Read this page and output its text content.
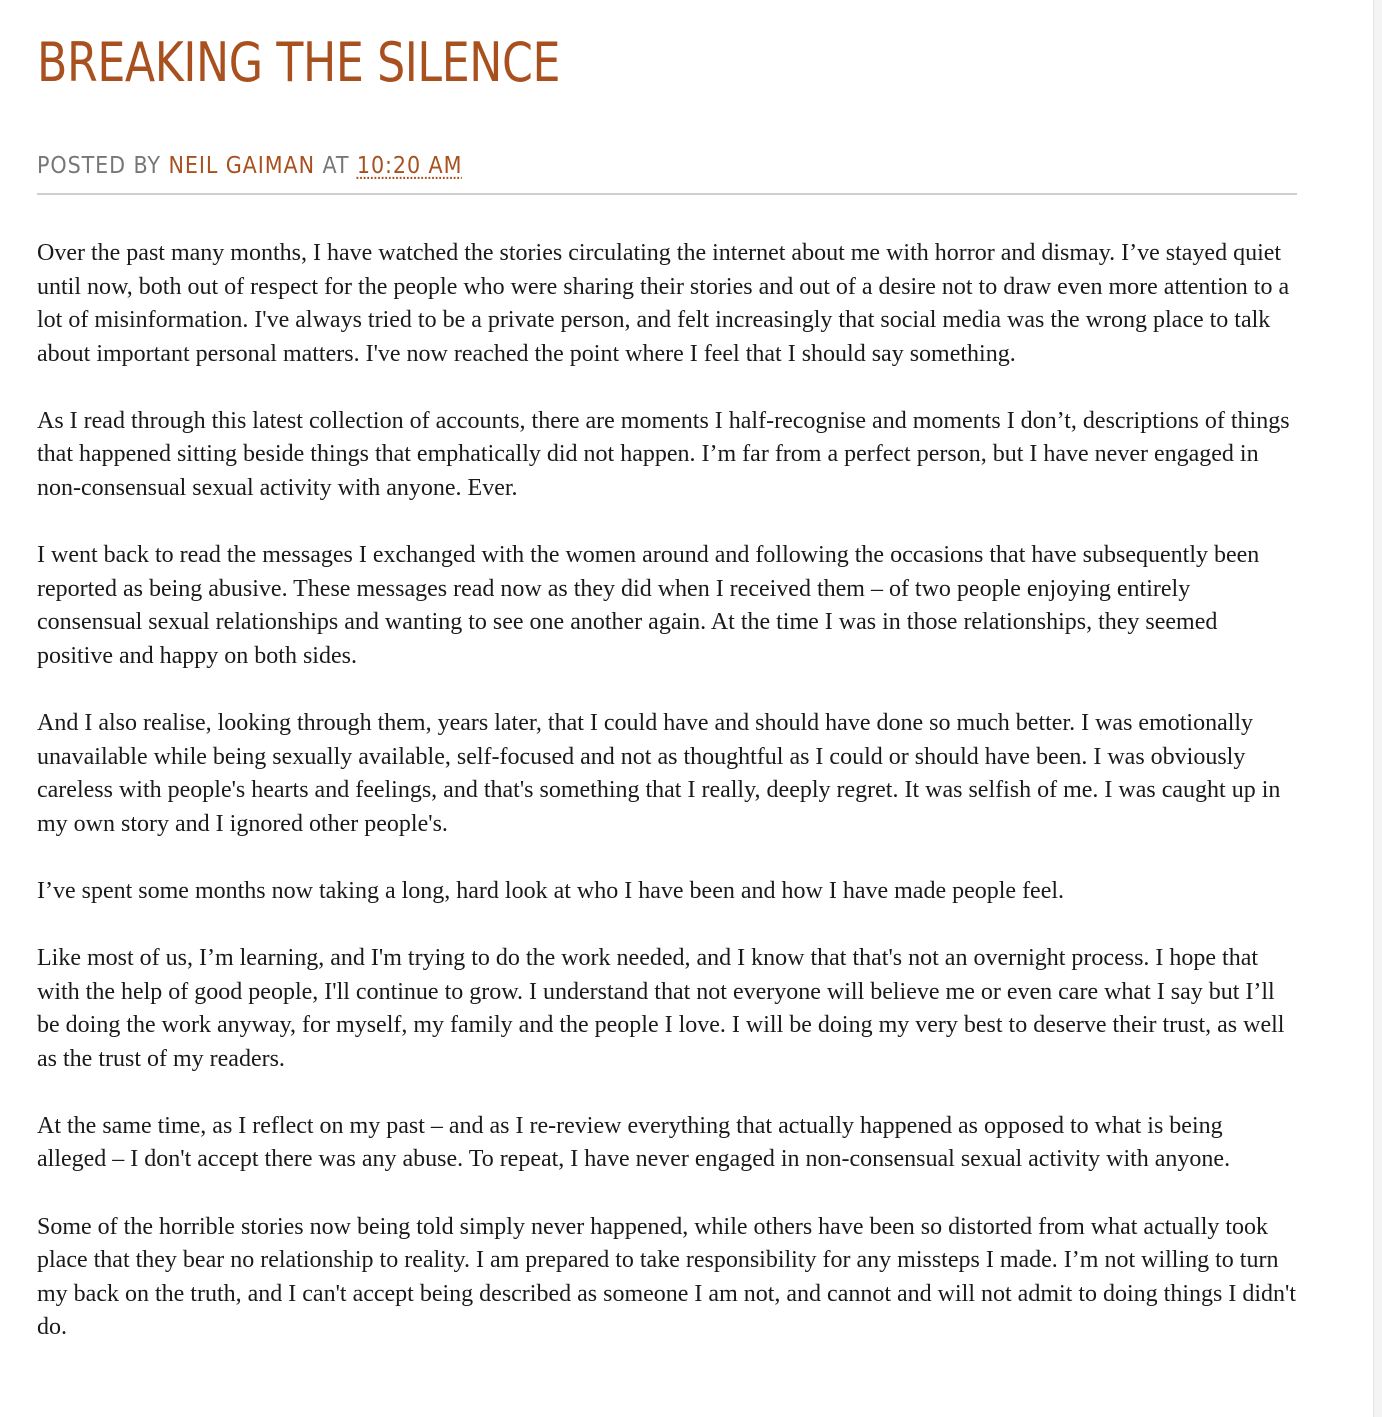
BREAKING THE SILENCE
POSTED BY NEIL GAIMAN AT 10:20 AM

Over the past many months, I have watched the stories circulating the internet about me with horror and dismay. I’ve stayed quiet until now, both out of respect for the people who were sharing their stories and out of a desire not to draw even more attention to a lot of misinformation. I've always tried to be a private person, and felt increasingly that social media was the wrong place to talk about important personal matters. I've now reached the point where I feel that I should say something.

As I read through this latest collection of accounts, there are moments I half-recognise and moments I don’t, descriptions of things that happened sitting beside things that emphatically did not happen. I’m far from a perfect person, but I have never engaged in non-consensual sexual activity with anyone. Ever.

I went back to read the messages I exchanged with the women around and following the occasions that have subsequently been reported as being abusive. These messages read now as they did when I received them – of two people enjoying entirely consensual sexual relationships and wanting to see one another again. At the time I was in those relationships, they seemed positive and happy on both sides.

And I also realise, looking through them, years later, that I could have and should have done so much better. I was emotionally unavailable while being sexually available, self-focused and not as thoughtful as I could or should have been. I was obviously careless with people's hearts and feelings, and that's something that I really, deeply regret. It was selfish of me. I was caught up in my own story and I ignored other people's.

I’ve spent some months now taking a long, hard look at who I have been and how I have made people feel.

Like most of us, I’m learning, and I'm trying to do the work needed, and I know that that's not an overnight process. I hope that with the help of good people, I'll continue to grow. I understand that not everyone will believe me or even care what I say but I’ll be doing the work anyway, for myself, my family and the people I love. I will be doing my very best to deserve their trust, as well as the trust of my readers.

At the same time, as I reflect on my past – and as I re-review everything that actually happened as opposed to what is being alleged – I don't accept there was any abuse. To repeat, I have never engaged in non-consensual sexual activity with anyone.

Some of the horrible stories now being told simply never happened, while others have been so distorted from what actually took place that they bear no relationship to reality. I am prepared to take responsibility for any missteps I made. I’m not willing to turn my back on the truth, and I can't accept being described as someone I am not, and cannot and will not admit to doing things I didn't do.
